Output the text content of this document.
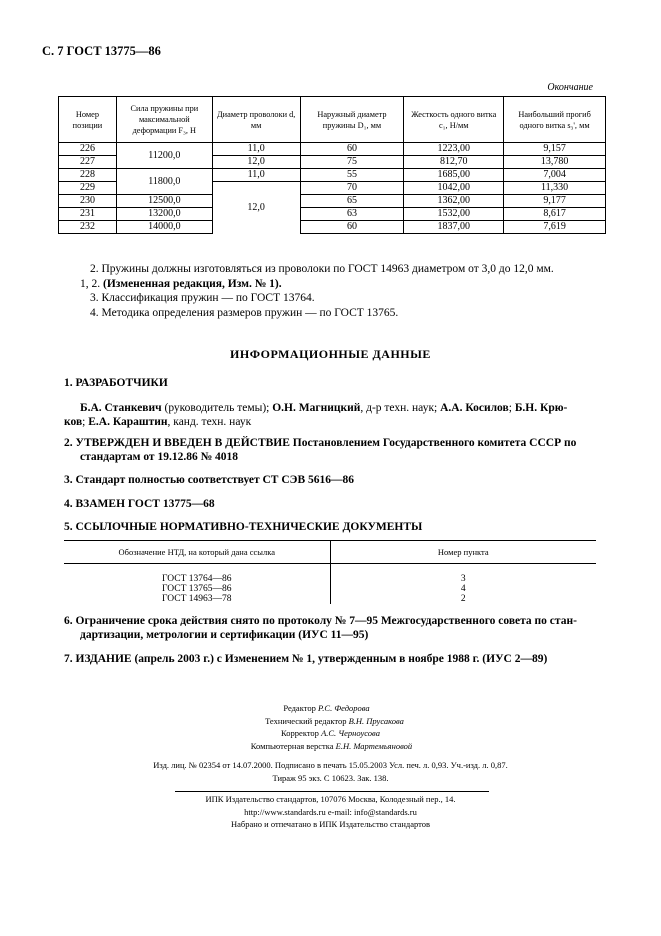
С. 7 ГОСТ 13775—86
Окончание
Номер позиции	Сила пружины при максимальной деформации F₃, Н	Диаметр проволоки d, мм	Наружный диаметр пружины D₁, мм	Жесткость одного витка c₁, Н/мм	Наибольший прогиб одного витка s₃', мм
226	11200,0	11,0	60	1223,00	9,157
227		12,0	75	812,70	13,780
228	11800,0	11,0	55	1685,00	7,004
229		12,0	70	1042,00	11,330
230	12500,0		65	1362,00	9,177
231	13200,0		63	1532,00	8,617
232	14000,0		60	1837,00	7,619

2. Пружины должны изготовляться из проволоки по ГОСТ 14963 диаметром от 3,0 до 12,0 мм.

1, 2. (Измененная редакция, Изм. № 1).

3. Классификация пружин — по ГОСТ 13764.

4. Методика определения размеров пружин — по ГОСТ 13765.

ИНФОРМАЦИОННЫЕ ДАННЫЕ
1. РАЗРАБОТЧИКИ
Б.А. Станкевич (руководитель темы); О.Н. Магницкий, д-р техн. наук; А.А. Косилов; Б.Н. Крю-
ков; Е.А. Караштин, канд. техн. наук
2. УТВЕРЖДЕН И ВВЕДЕН В ДЕЙСТВИЕ Постановлением Государственного комитета СССР по
стандартам от 19.12.86 № 4018
3. Стандарт полностью соответствует СТ СЭВ 5616—86
4. ВЗАМЕН ГОСТ 13775—68
5. ССЫЛОЧНЫЕ НОРМАТИВНО-ТЕХНИЧЕСКИЕ ДОКУМЕНТЫ
Обозначение НТД, на который дана ссылка	Номер пункта

ГОСТ 13764—86	3
ГОСТ 13765—86	4
ГОСТ 14963—78	2
6. Ограничение срока действия снято по протоколу № 7—95 Межгосударственного совета по стан-
дартизации, метрологии и сертификации (ИУС 11—95)
7. ИЗДАНИЕ (апрель 2003 г.) с Изменением № 1, утвержденным в ноябре 1988 г. (ИУС 2—89)
Редактор Р.С. Федорова
Технический редактор В.Н. Прусакова
Корректор А.С. Черноусова
Компьютерная верстка Е.Н. Мартемьяновой
Изд. лиц. № 02354 от 14.07.2000. Подписано в печать 15.05.2003 Усл. печ. л. 0,93. Уч.-изд. л. 0,87.
Тираж 95 экз. С 10623. Зак. 138.
ИПК Издательство стандартов, 107076 Москва, Колодезный пер., 14.
http://www.standards.ru e-mail: info@standards.ru
Набрано и отпечатано в ИПК Издательство стандартов
